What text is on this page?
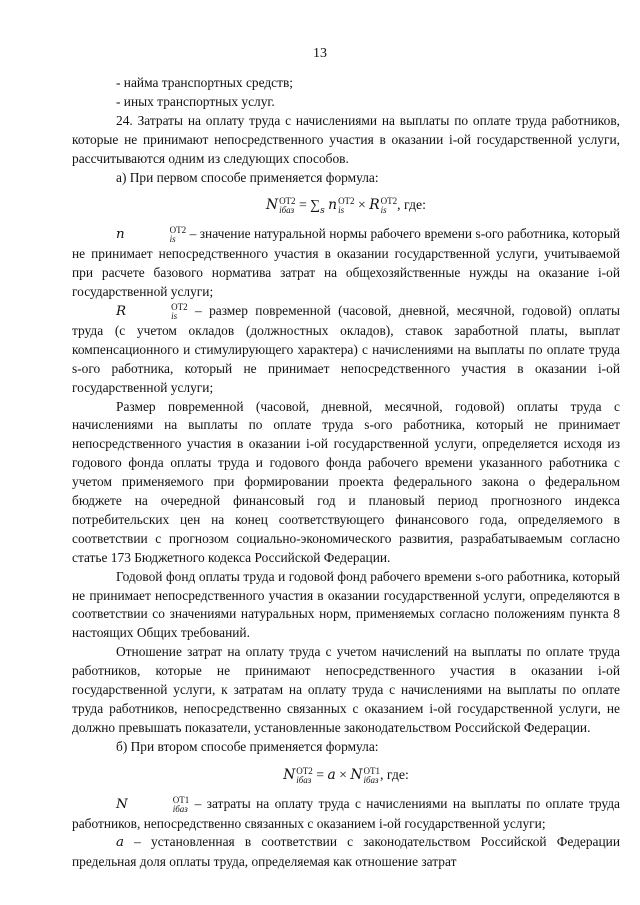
13

- найма транспортных средств;

- иных транспортных услуг.

24. Затраты на оплату труда с начислениями на выплаты по оплате труда работников, которые не принимают непосредственного участия в оказании i-ой государственной услуги, рассчитываются одним из следующих способов.

а) При первом способе применяется формула:

N ОТ2
iбаз = $\sum_s$ n ОТ2
is × R ОТ2
is , где:

n	ОТ2
is – значение натуральной нормы рабочего времени s-ого работника, который не принимает непосредственного участия в оказании государственной услуги, учитываемой при расчете базового норматива затрат на общехозяйственные нужды на оказание i-ой государственной услуги;

R	ОТ2
is – размер повременной (часовой, дневной, месячной, годовой) оплаты труда (с учетом окладов (должностных окладов), ставок заработной платы, выплат компенсационного и стимулирующего характера) с начислениями на выплаты по оплате труда s-ого работника, который не принимает непосредственного участия в оказании i-ой государственной услуги;

Размер повременной (часовой, дневной, месячной, годовой) оплаты труда с начислениями на выплаты по оплате труда s-ого работника, который не принимает непосредственного участия в оказании i-ой государственной услуги, определяется исходя из годового фонда оплаты труда и годового фонда рабочего времени указанного работника с учетом применяемого при формировании проекта федерального закона о федеральном бюджете на очередной финансовый год и плановый период прогнозного индекса потребительских цен на конец соответствующего финансового года, определяемого в соответствии с прогнозом социально-экономического развития, разрабатываемым согласно статье 173 Бюджетного кодекса Российской Федерации.

Годовой фонд оплаты труда и годовой фонд рабочего времени s-ого работника, который не принимает непосредственного участия в оказании государственной услуги, определяются в соответствии со значениями натуральных норм, применяемых согласно положениям пункта 8 настоящих Общих требований.

Отношение затрат на оплату труда с учетом начислений на выплаты по оплате труда работников, которые не принимают непосредственного участия в оказании i-ой государственной услуги, к затратам на оплату труда с начислениями на выплаты по оплате труда работников, непосредственно связанных с оказанием i-ой государственной услуги, не должно превышать показатели, установленные законодательством Российской Федерации.

б) При втором способе применяется формула:

N ОТ2
iбаз = a × N ОТ1
iбаз , где:

N	ОТ1
iбаз – затраты на оплату труда с начислениями на выплаты по оплате труда работников, непосредственно связанных с оказанием i-ой государственной услуги;

a – установленная в соответствии с законодательством Российской Федерации предельная доля оплаты труда, определяемая как отношение затрат
